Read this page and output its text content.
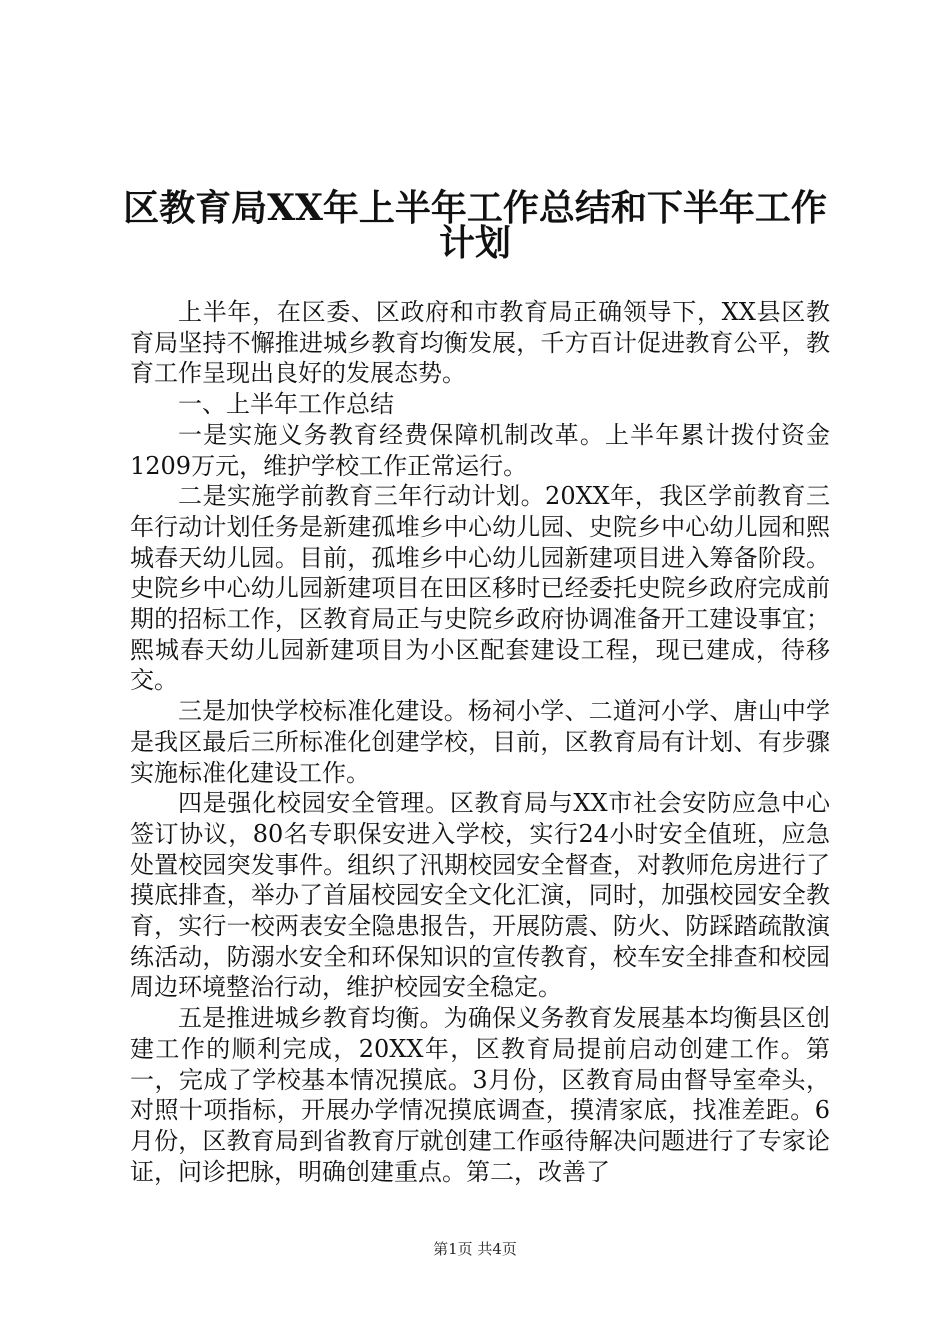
区教育局XX年上半年工作总结和下半年工作
计划

上半年，在区委、区政府和市教育局正确领导下，XX县区教育局坚持不懈推进城乡教育均衡发展，千方百计促进教育公平，教育工作呈现出良好的发展态势。

一、上半年工作总结

一是实施义务教育经费保障机制改革。上半年累计拨付资金1209万元，维护学校工作正常运行。

二是实施学前教育三年行动计划。20XX年，我区学前教育三年行动计划任务是新建孤堆乡中心幼儿园、史院乡中心幼儿园和熙城春天幼儿园。目前，孤堆乡中心幼儿园新建项目进入筹备阶段。史院乡中心幼儿园新建项目在田区移时已经委托史院乡政府完成前期的招标工作，区教育局正与史院乡政府协调准备开工建设事宜；熙城春天幼儿园新建项目为小区配套建设工程，现已建成，待移交。

三是加快学校标准化建设。杨祠小学、二道河小学、唐山中学是我区最后三所标准化创建学校，目前，区教育局有计划、有步骤实施标准化建设工作。

四是强化校园安全管理。区教育局与XX市社会安防应急中心签订协议，80名专职保安进入学校，实行24小时安全值班，应急处置校园突发事件。组织了汛期校园安全督查，对教师危房进行了摸底排查，举办了首届校园安全文化汇演，同时，加强校园安全教育，实行一校两表安全隐患报告，开展防震、防火、防踩踏疏散演练活动，防溺水安全和环保知识的宣传教育，校车安全排查和校园周边环境整治行动，维护校园安全稳定。

五是推进城乡教育均衡。为确保义务教育发展基本均衡县区创建工作的顺利完成，20XX年，区教育局提前启动创建工作。第一，完成了学校基本情况摸底。3月份，区教育局由督导室牵头，对照十项指标，开展办学情况摸底调查，摸清家底，找准差距。6月份，区教育局到省教育厅就创建工作亟待解决问题进行了专家论证，问诊把脉，明确创建重点。第二，改善了

第1页 共4页
